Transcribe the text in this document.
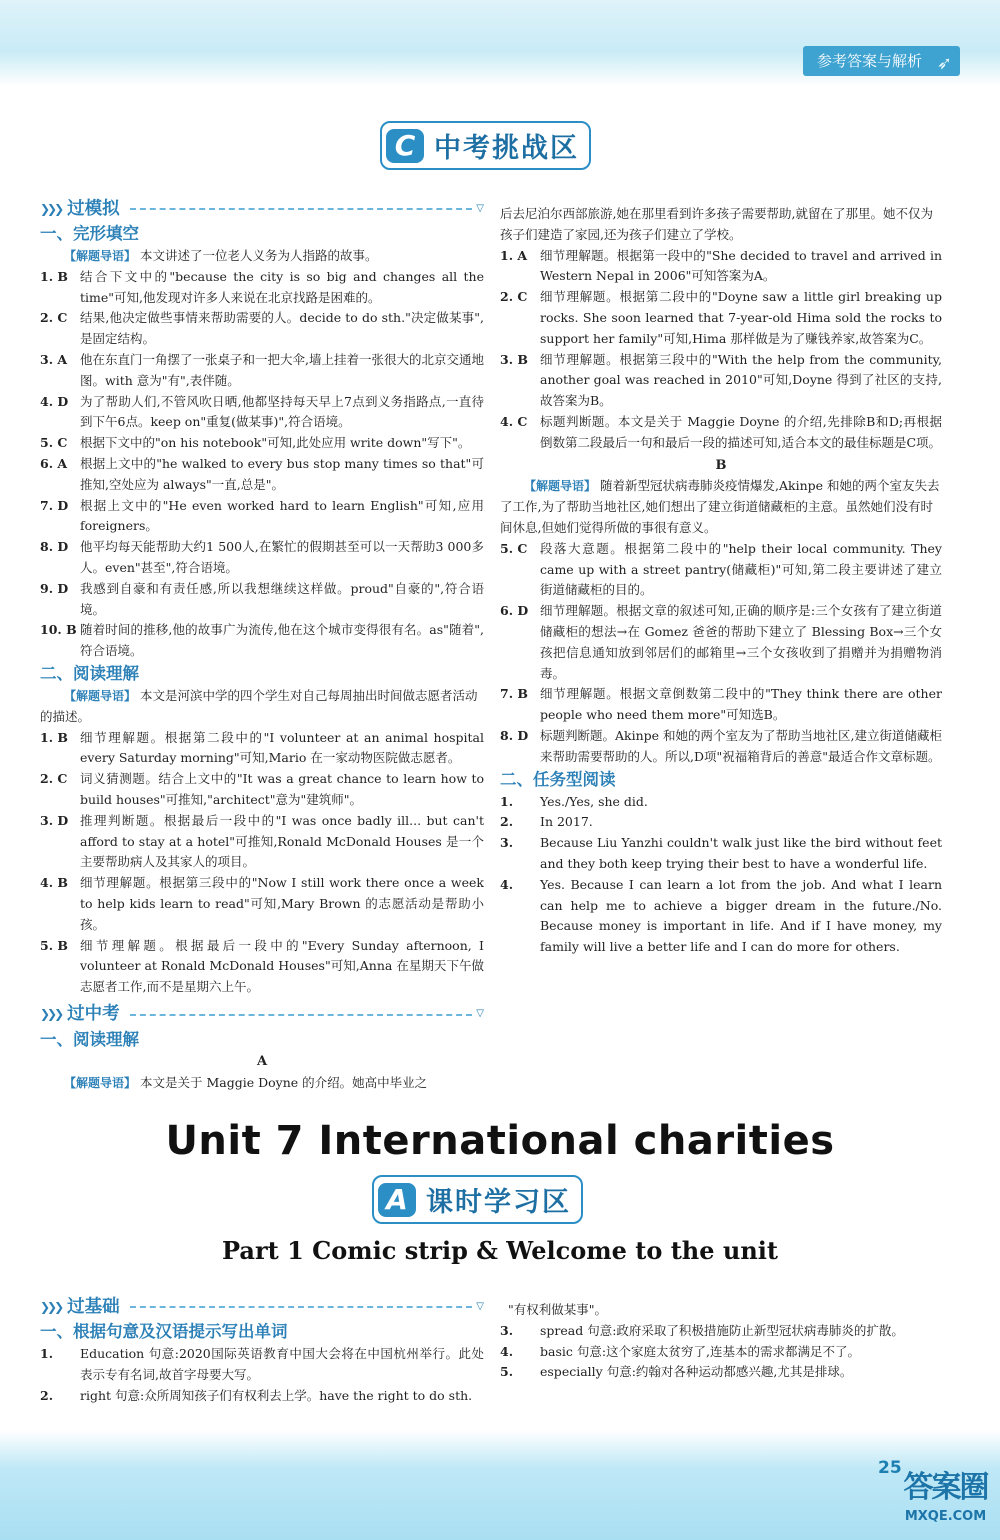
参考答案与解析 ➶
C 中考挑战区
❯❯❯ 过模拟	▽
一、完形填空

【解题导语】 本文讲述了一位老人义务为人指路的故事。

1. B 结合下文中的"because the city is so big and changes all the time"可知,他发现对许多人来说在北京找路是困难的。
2. C	结果,他决定做些事情来帮助需要的人。decide to do sth."决定做某事",是固定结构。
3. A	他在东直门一角摆了一张桌子和一把大伞,墙上挂着一张很大的北京交通地图。with 意为"有",表伴随。
4. D 为了帮助人们,不管风吹日晒,他都坚持每天早上7点到义务指路点,一直待到下午6点。keep on"重复(做某事)",符合语境。
5. C	根据下文中的"on his notebook"可知,此处应用 write down"写下"。
6. A	根据上文中的"he walked to every bus stop many times so that"可推知,空处应为 always"一直,总是"。
7. D 根据上文中的"He even worked hard to learn English"可知,应用 foreigners。
8. D 他平均每天能帮助大约1 500人,在繁忙的假期甚至可以一天帮助3 000多人。even"甚至",符合语境。
9. D 我感到自豪和有责任感,所以我想继续这样做。proud"自豪的",符合语境。
10. B 随着时间的推移,他的故事广为流传,他在这个城市变得很有名。as"随着",符合语境。
二、阅读理解

【解题导语】 本文是河滨中学的四个学生对自己每周抽出时间做志愿者活动的描述。

1. B 细节理解题。根据第二段中的"I volunteer at an animal hospital every Saturday morning"可知,Mario 在一家动物医院做志愿者。
2. C	词义猜测题。结合上文中的"It was a great chance to learn how to build houses"可推知,"architect"意为"建筑师"。
3. D 推理判断题。根据最后一段中的"I was once badly ill... but can't afford to stay at a hotel"可推知,Ronald McDonald Houses 是一个主要帮助病人及其家人的项目。
4. B 细节理解题。根据第三段中的"Now I still work there once a week to help kids learn to read"可知,Mary Brown 的志愿活动是帮助小孩。
5. B 细节理解题。根据最后一段中的"Every Sunday afternoon, I volunteer at Ronald McDonald Houses"可知,Anna 在星期天下午做志愿者工作,而不是星期六上午。
❯❯❯ 过中考	▽
一、阅读理解

A

【解题导语】 本文是关于 Maggie Doyne 的介绍。她高中毕业之

后去尼泊尔西部旅游,她在那里看到许多孩子需要帮助,就留在了那里。她不仅为孩子们建造了家园,还为孩子们建立了学校。

1. A	细节理解题。根据第一段中的"She decided to travel and arrived in Western Nepal in 2006"可知答案为A。
2. C	细节理解题。根据第二段中的"Doyne saw a little girl breaking up rocks. She soon learned that 7-year-old Hima sold the rocks to support her family"可知,Hima 那样做是为了赚钱养家,故答案为C。
3. B 细节理解题。根据第三段中的"With the help from the community, another goal was reached in 2010"可知,Doyne 得到了社区的支持,故答案为B。
4. C	标题判断题。本文是关于 Maggie Doyne 的介绍,先排除B和D;再根据倒数第二段最后一句和最后一段的描述可知,适合本文的最佳标题是C项。

B

【解题导语】 随着新型冠状病毒肺炎疫情爆发,Akinpe 和她的两个室友失去了工作,为了帮助当地社区,她们想出了建立街道储藏柜的主意。虽然她们没有时间休息,但她们觉得所做的事很有意义。

5. C	段落大意题。根据第二段中的"help their local community. They came up with a street pantry(储藏柜)"可知,第二段主要讲述了建立街道储藏柜的目的。
6. D 细节理解题。根据文章的叙述可知,正确的顺序是:三个女孩有了建立街道储藏柜的想法→在 Gomez 爸爸的帮助下建立了 Blessing Box→三个女孩把信息通知放到邻居们的邮箱里→三个女孩收到了捐赠并为捐赠物消毒。
7. B 细节理解题。根据文章倒数第二段中的"They think there are other people who need them more"可知选B。
8. D 标题判断题。Akinpe 和她的两个室友为了帮助当地社区,建立街道储藏柜来帮助需要帮助的人。所以,D项"祝福箱背后的善意"最适合作文章标题。
二、任务型阅读
1.	Yes./Yes, she did.
2.	In 2017.
3.	Because Liu Yanzhi couldn't walk just like the bird without feet and they both keep trying their best to have a wonderful life.
4.	Yes. Because I can learn a lot from the job. And what I learn can help me to achieve a bigger dream in the future./No. Because money is important in life. And if I have money, my family will live a better life and I can do more for others.
Unit 7 International charities
A 课时学习区
Part 1 Comic strip & Welcome to the unit
❯❯❯ 过基础	▽
一、根据句意及汉语提示写出单词
1.	Education 句意:2020国际英语教育中国大会将在中国杭州举行。此处表示专有名词,故首字母要大写。
2.	right 句意:众所周知孩子们有权利去上学。have the right to do sth.

"有权利做某事"。

3.	spread 句意:政府采取了积极措施防止新型冠状病毒肺炎的扩散。
4.	basic 句意:这个家庭太贫穷了,连基本的需求都满足不了。
5.	especially 句意:约翰对各种运动都感兴趣,尤其是排球。
25
答案圈
MXQE.COM
